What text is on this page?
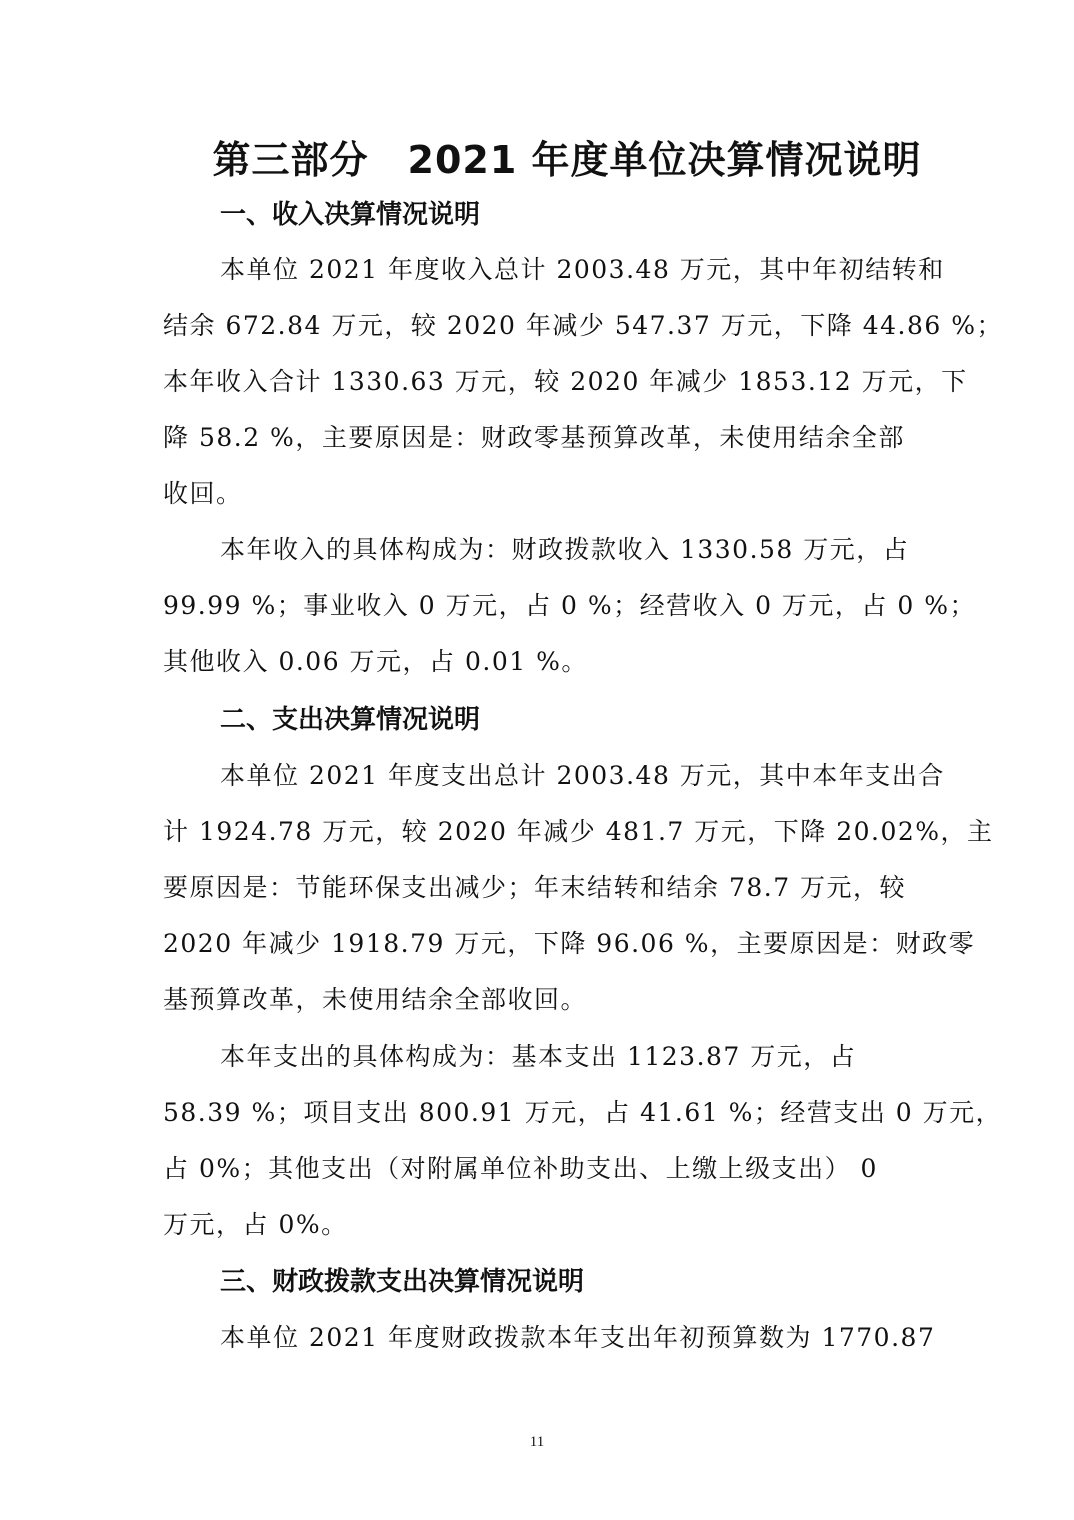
第三部分　2021 年度单位决算情况说明
一、收入决算情况说明

本单位 2021 年度收入总计 2003.48 万元，其中年初结转和

结余 672.84 万元，较 2020 年减少 547.37 万元，下降 44.86 %；

本年收入合计 1330.63 万元，较 2020 年减少 1853.12 万元，下

降 58.2 %，主要原因是：财政零基预算改革，未使用结余全部

收回。

本年收入的具体构成为：财政拨款收入 1330.58 万元，占

99.99 %；事业收入 0 万元，占 0 %；经营收入 0 万元，占 0 %；

其他收入 0.06 万元，占 0.01 %。

二、支出决算情况说明

本单位 2021 年度支出总计 2003.48 万元，其中本年支出合

计 1924.78 万元，较 2020 年减少 481.7 万元，下降 20.02%，主

要原因是：节能环保支出减少；年末结转和结余 78.7 万元，较

2020 年减少 1918.79 万元，下降 96.06 %，主要原因是：财政零

基预算改革，未使用结余全部收回。

本年支出的具体构成为：基本支出 1123.87 万元，占

58.39 %；项目支出 800.91 万元，占 41.61 %；经营支出 0 万元，

占 0%；其他支出（对附属单位补助支出、上缴上级支出） 0

万元，占 0%。

三、财政拨款支出决算情况说明

本单位 2021 年度财政拨款本年支出年初预算数为 1770.87

11
